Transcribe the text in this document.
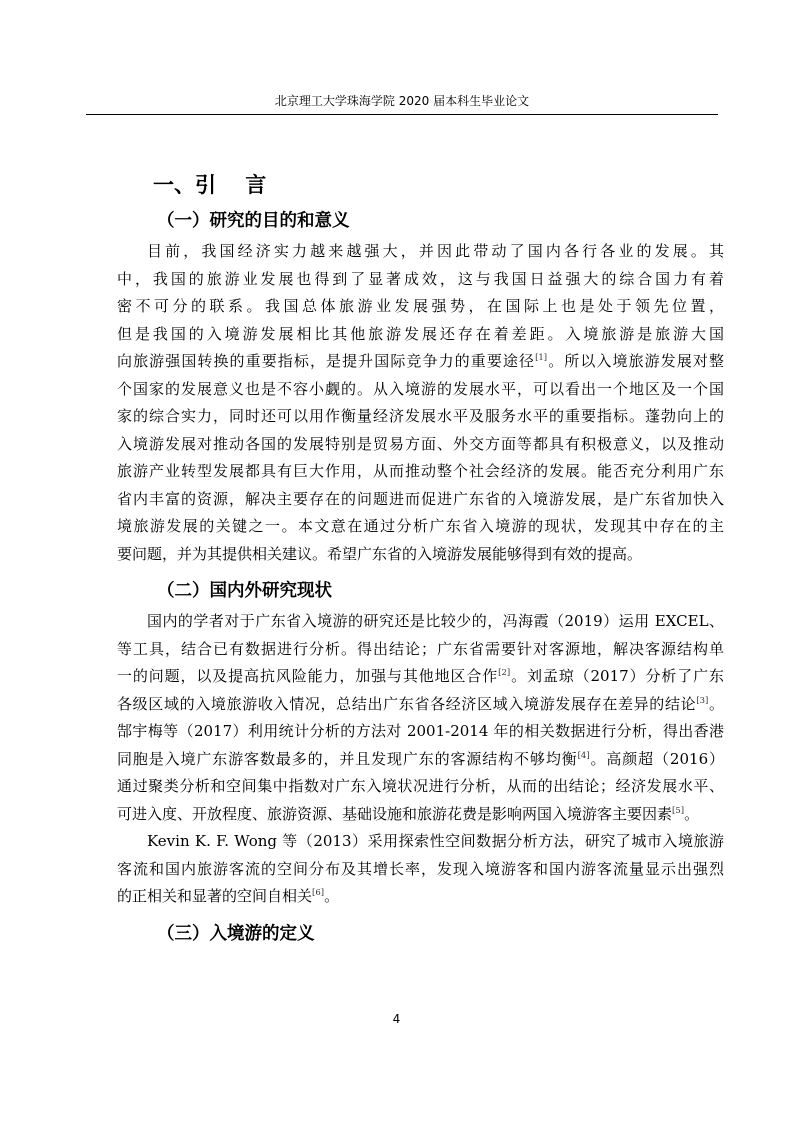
北京理工大学珠海学院 2020 届本科生毕业论文
一、引    言
（一）研究的目的和意义
目前，我国经济实力越来越强大，并因此带动了国内各行各业的发展。其
中，我国的旅游业发展也得到了显著成效，这与我国日益强大的综合国力有着
密不可分的联系。我国总体旅游业发展强势，在国际上也是处于领先位置，
但是我国的入境游发展相比其他旅游发展还存在着差距。入境旅游是旅游大国
向旅游强国转换的重要指标，是提升国际竞争力的重要途径[1]。所以入境旅游发展对整
个国家的发展意义也是不容小觑的。从入境游的发展水平，可以看出一个地区及一个国
家的综合实力，同时还可以用作衡量经济发展水平及服务水平的重要指标。蓬勃向上的
入境游发展对推动各国的发展特别是贸易方面、外交方面等都具有积极意义，以及推动
旅游产业转型发展都具有巨大作用，从而推动整个社会经济的发展。能否充分利用广东
省内丰富的资源，解决主要存在的问题进而促进广东省的入境游发展，是广东省加快入
境旅游发展的关键之一。本文意在通过分析广东省入境游的现状，发现其中存在的主
要问题，并为其提供相关建议。希望广东省的入境游发展能够得到有效的提高。
（二）国内外研究现状
国内的学者对于广东省入境游的研究还是比较少的，冯海霞（2019）运用 EXCEL、
等工具，结合已有数据进行分析。得出结论；广东省需要针对客源地，解决客源结构单
一的问题，以及提高抗风险能力，加强与其他地区合作[2]。刘孟琼（2017）分析了广东
各级区域的入境旅游收入情况，总结出广东省各经济区域入境游发展存在差异的结论[3]。
郜宇梅等（2017）利用统计分析的方法对 2001-2014 年的相关数据进行分析，得出香港
同胞是入境广东游客数最多的，并且发现广东的客源结构不够均衡[4]。高颜超（2016）
通过聚类分析和空间集中指数对广东入境状况进行分析，从而的出结论；经济发展水平、
可进入度、开放程度、旅游资源、基础设施和旅游花费是影响两国入境游客主要因素[5]。
Kevin K. F. Wong 等（2013）采用探索性空间数据分析方法，研究了城市入境旅游
客流和国内旅游客流的空间分布及其增长率，发现入境游客和国内游客流量显示出强烈
的正相关和显著的空间自相关[6]。
（三）入境游的定义
4
